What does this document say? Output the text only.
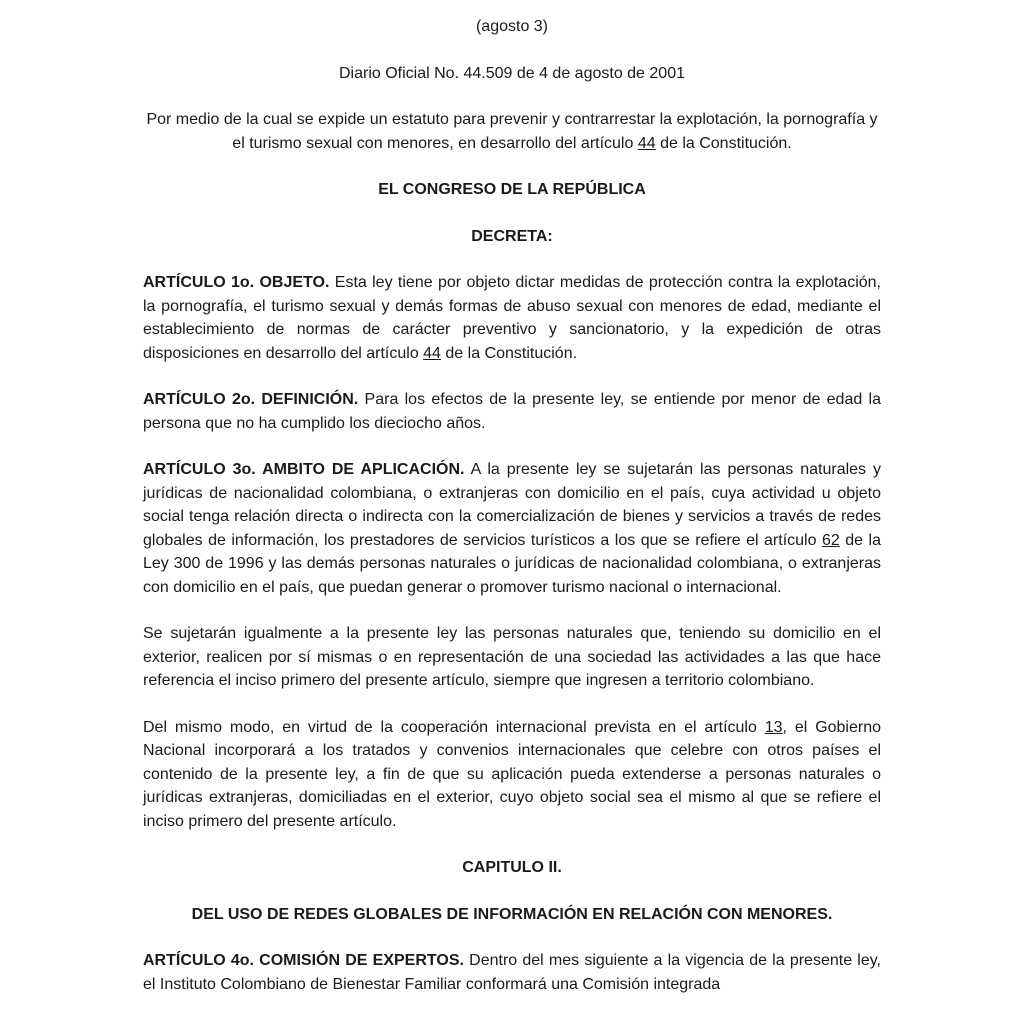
(agosto 3)

Diario Oficial No. 44.509 de 4 de agosto de 2001

Por medio de la cual se expide un estatuto para prevenir y contrarrestar la explotación, la pornografía y el turismo sexual con menores, en desarrollo del artículo 44 de la Constitución.

EL CONGRESO DE LA REPÚBLICA

DECRETA:

ARTÍCULO 1o. OBJETO. Esta ley tiene por objeto dictar medidas de protección contra la explotación, la pornografía, el turismo sexual y demás formas de abuso sexual con menores de edad, mediante el establecimiento de normas de carácter preventivo y sancionatorio, y la expedición de otras disposiciones en desarrollo del artículo 44 de la Constitución.

ARTÍCULO 2o. DEFINICIÓN. Para los efectos de la presente ley, se entiende por menor de edad la persona que no ha cumplido los dieciocho años.

ARTÍCULO 3o. AMBITO DE APLICACIÓN. A la presente ley se sujetarán las personas naturales y jurídicas de nacionalidad colombiana, o extranjeras con domicilio en el país, cuya actividad u objeto social tenga relación directa o indirecta con la comercialización de bienes y servicios a través de redes globales de información, los prestadores de servicios turísticos a los que se refiere el artículo 62 de la Ley 300 de 1996 y las demás personas naturales o jurídicas de nacionalidad colombiana, o extranjeras con domicilio en el país, que puedan generar o promover turismo nacional o internacional.

Se sujetarán igualmente a la presente ley las personas naturales que, teniendo su domicilio en el exterior, realicen por sí mismas o en representación de una sociedad las actividades a las que hace referencia el inciso primero del presente artículo, siempre que ingresen a territorio colombiano.

Del mismo modo, en virtud de la cooperación internacional prevista en el artículo 13, el Gobierno Nacional incorporará a los tratados y convenios internacionales que celebre con otros países el contenido de la presente ley, a fin de que su aplicación pueda extenderse a personas naturales o jurídicas extranjeras, domiciliadas en el exterior, cuyo objeto social sea el mismo al que se refiere el inciso primero del presente artículo.

CAPITULO II.

DEL USO DE REDES GLOBALES DE INFORMACIÓN EN RELACIÓN CON MENORES.

ARTÍCULO 4o. COMISIÓN DE EXPERTOS. Dentro del mes siguiente a la vigencia de la presente ley, el Instituto Colombiano de Bienestar Familiar conformará una Comisión integrada
